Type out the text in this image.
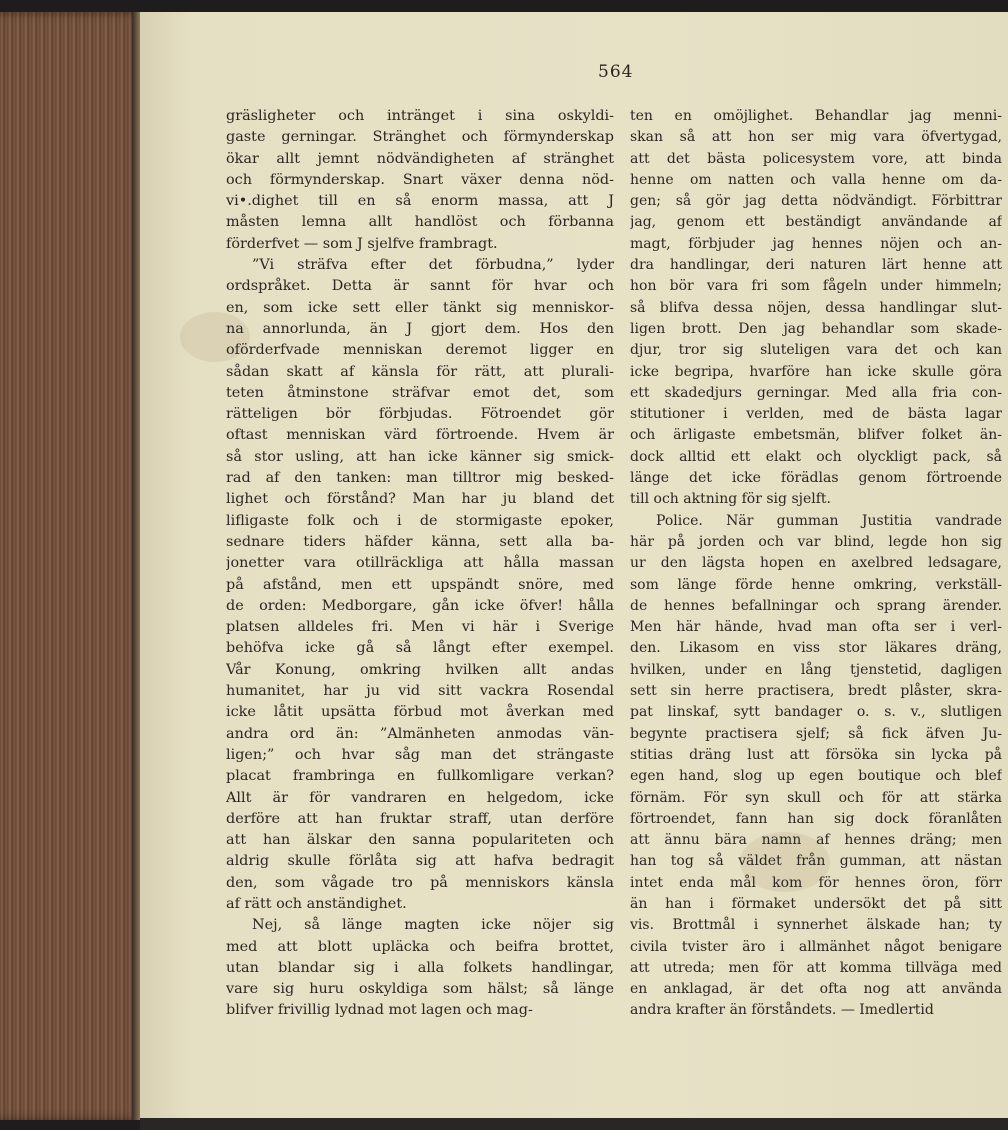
564
gräsligheter och intränget i sina oskyldi-
gaste gerningar. Stränghet och förmynderskap
ökar allt jemnt nödvändigheten af stränghet
och förmynderskap. Snart växer denna nöd-
vi•.dighet till en så enorm massa, att J
måsten lemna allt handlöst och förbanna
förderfvet — som J sjelfve frambragt.
”Vi sträfva efter det förbudna,” lyder
ordspråket. Detta är sannt för hvar och
en, som icke sett eller tänkt sig menniskor-
na annorlunda, än J gjort dem. Hos den
oförderfvade menniskan deremot ligger en
sådan skatt af känsla för rätt, att plurali-
teten åtminstone sträfvar emot det, som
rätteligen bör förbjudas. Fötroendet gör
oftast menniskan värd förtroende. Hvem är
så stor usling, att han icke känner sig smick-
rad af den tanken: man tilltror mig besked-
lighet och förstånd? Man har ju bland det
lifligaste folk och i de stormigaste epoker,
sednare tiders häfder känna, sett alla ba-
jonetter vara otillräckliga att hålla massan
på afstånd, men ett upspändt snöre, med
de orden: Medborgare, gån icke öfver! hålla
platsen alldeles fri. Men vi här i Sverige
behöfva icke gå så långt efter exempel.
Vår Konung, omkring hvilken allt andas
humanitet, har ju vid sitt vackra Rosendal
icke låtit upsätta förbud mot åverkan med
andra ord än: ”Almänheten anmodas vän-
ligen;” och hvar såg man det strängaste
placat frambringa en fullkomligare verkan?
Allt är för vandraren en helgedom, icke
derföre att han fruktar straff, utan derföre
att han älskar den sanna populariteten och
aldrig skulle förlåta sig att hafva bedragit
den, som vågade tro på menniskors känsla
af rätt och anständighet.
Nej, så länge magten icke nöjer sig
med att blott upläcka och beifra brottet,
utan blandar sig i alla folkets handlingar,
vare sig huru oskyldiga som hälst; så länge
blifver frivillig lydnad mot lagen och mag-
ten en omöjlighet. Behandlar jag menni-
skan så att hon ser mig vara öfvertygad,
att det bästa policesystem vore, att binda
henne om natten och valla henne om da-
gen; så gör jag detta nödvändigt. Förbittrar
jag, genom ett beständigt användande af
magt, förbjuder jag hennes nöjen och an-
dra handlingar, deri naturen lärt henne att
hon bör vara fri som fågeln under himmeln;
så blifva dessa nöjen, dessa handlingar slut-
ligen brott. Den jag behandlar som skade-
djur, tror sig sluteligen vara det och kan
icke begripa, hvarföre han icke skulle göra
ett skadedjurs gerningar. Med alla fria con-
stitutioner i verlden, med de bästa lagar
och ärligaste embetsmän, blifver folket än-
dock alltid ett elakt och olyckligt pack, så
länge det icke förädlas genom förtroende
till och aktning för sig sjelft.
Police. När gumman Justitia vandrade
här på jorden och var blind, legde hon sig
ur den lägsta hopen en axelbred ledsagare,
som länge förde henne omkring, verkställ-
de hennes befallningar och sprang ärender.
Men här hände, hvad man ofta ser i verl-
den. Likasom en viss stor läkares dräng,
hvilken, under en lång tjenstetid, dagligen
sett sin herre practisera, bredt plåster, skra-
pat linskaf, sytt bandager o. s. v., slutligen
begynte practisera sjelf; så fick äfven Ju-
stitias dräng lust att försöka sin lycka på
egen hand, slog up egen boutique och blef
förnäm. För syn skull och för att stärka
förtroendet, fann han sig dock föranlåten
att ännu bära namn af hennes dräng; men
han tog så väldet från gumman, att nästan
intet enda mål kom för hennes öron, förr
än han i förmaket undersökt det på sitt
vis. Brottmål i synnerhet älskade han; ty
civila tvister äro i allmänhet något benigare
att utreda; men för att komma tillväga med
en anklagad, är det ofta nog att använda
andra krafter än förståndets. — Imedlertid
